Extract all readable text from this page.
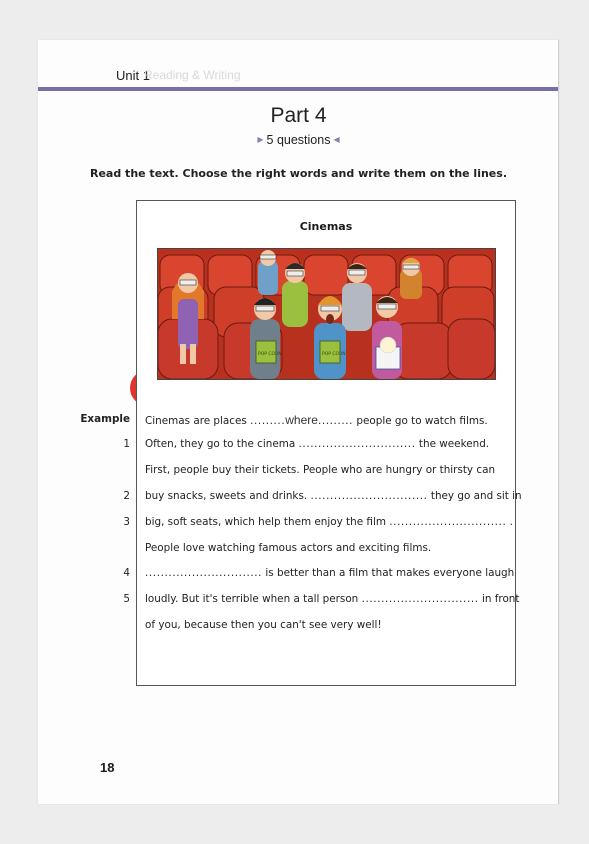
Unit 1
Reading & Writing
Part 4
▶ 5 questions ◀
Read the text. Choose the right words and write them on the lines.
Cinemas
POP CORN	POP CORN
Example Cinemas are places .........where......... people go to watch films.
1 Often, they go to the cinema .............................. the weekend.
First, people buy their tickets. People who are hungry or thirsty can
2 buy snacks, sweets and drinks. .............................. they go and sit in
3 big, soft seats, which help them enjoy the film .............................. .
People love watching famous actors and exciting films.
4 .............................. is better than a film that makes everyone laugh
5 loudly. But it's terrible when a tall person .............................. in front
of you, because then you can't see very well!
18
